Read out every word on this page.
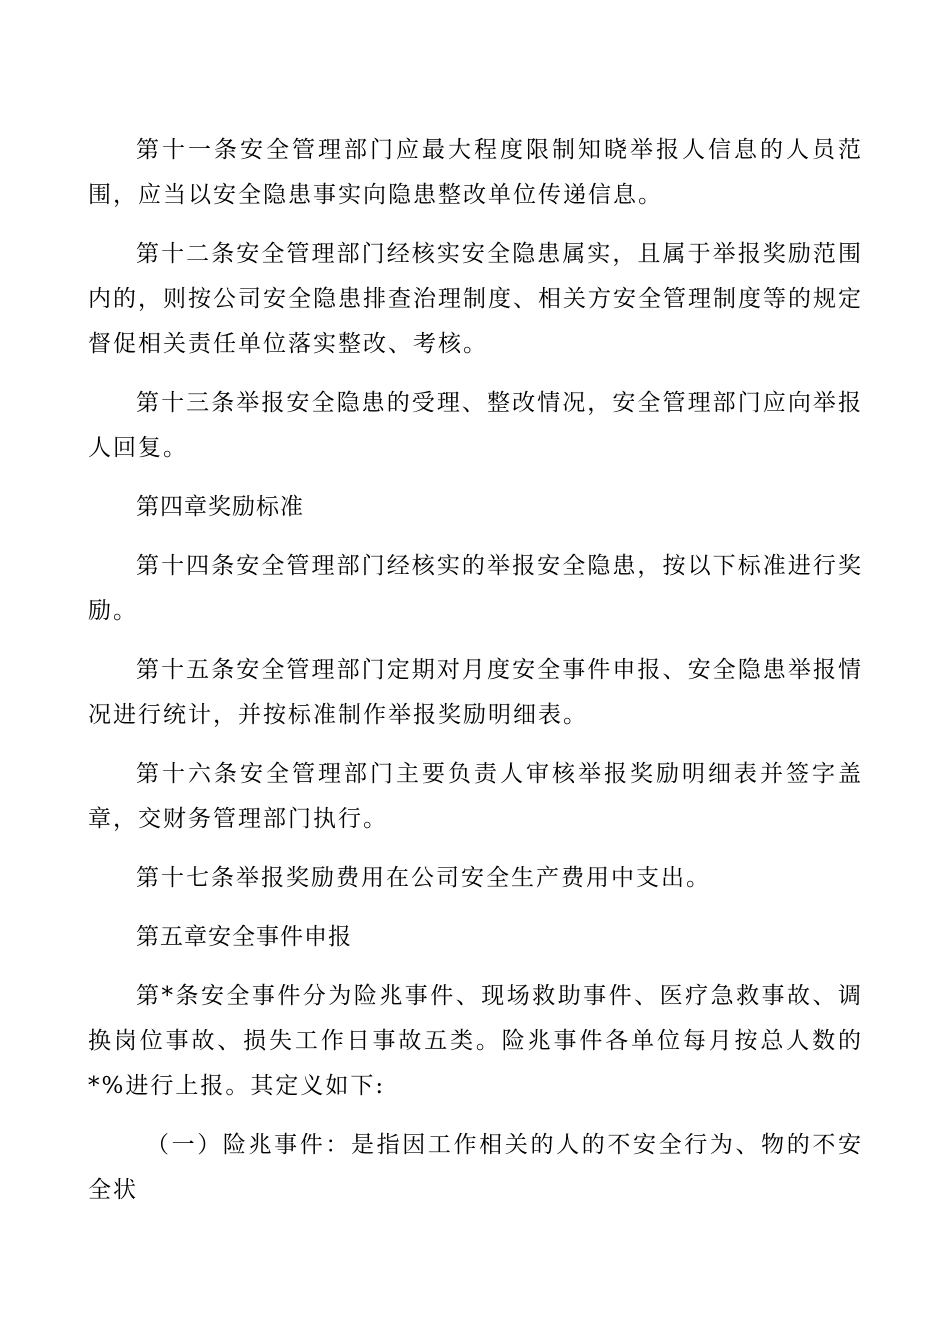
第十一条安全管理部门应最大程度限制知晓举报人信息的人员范围，应当以安全隐患事实向隐患整改单位传递信息。

第十二条安全管理部门经核实安全隐患属实，且属于举报奖励范围内的，则按公司安全隐患排查治理制度、相关方安全管理制度等的规定督促相关责任单位落实整改、考核。

第十三条举报安全隐患的受理、整改情况，安全管理部门应向举报人回复。

第四章奖励标准

第十四条安全管理部门经核实的举报安全隐患，按以下标准进行奖励。

第十五条安全管理部门定期对月度安全事件申报、安全隐患举报情况进行统计，并按标准制作举报奖励明细表。

第十六条安全管理部门主要负责人审核举报奖励明细表并签字盖章，交财务管理部门执行。

第十七条举报奖励费用在公司安全生产费用中支出。

第五章安全事件申报

第*条安全事件分为险兆事件、现场救助事件、医疗急救事故、调换岗位事故、损失工作日事故五类。险兆事件各单位每月按总人数的*%进行上报。其定义如下:

（一）险兆事件：是指因工作相关的人的不安全行为、物的不安全状
